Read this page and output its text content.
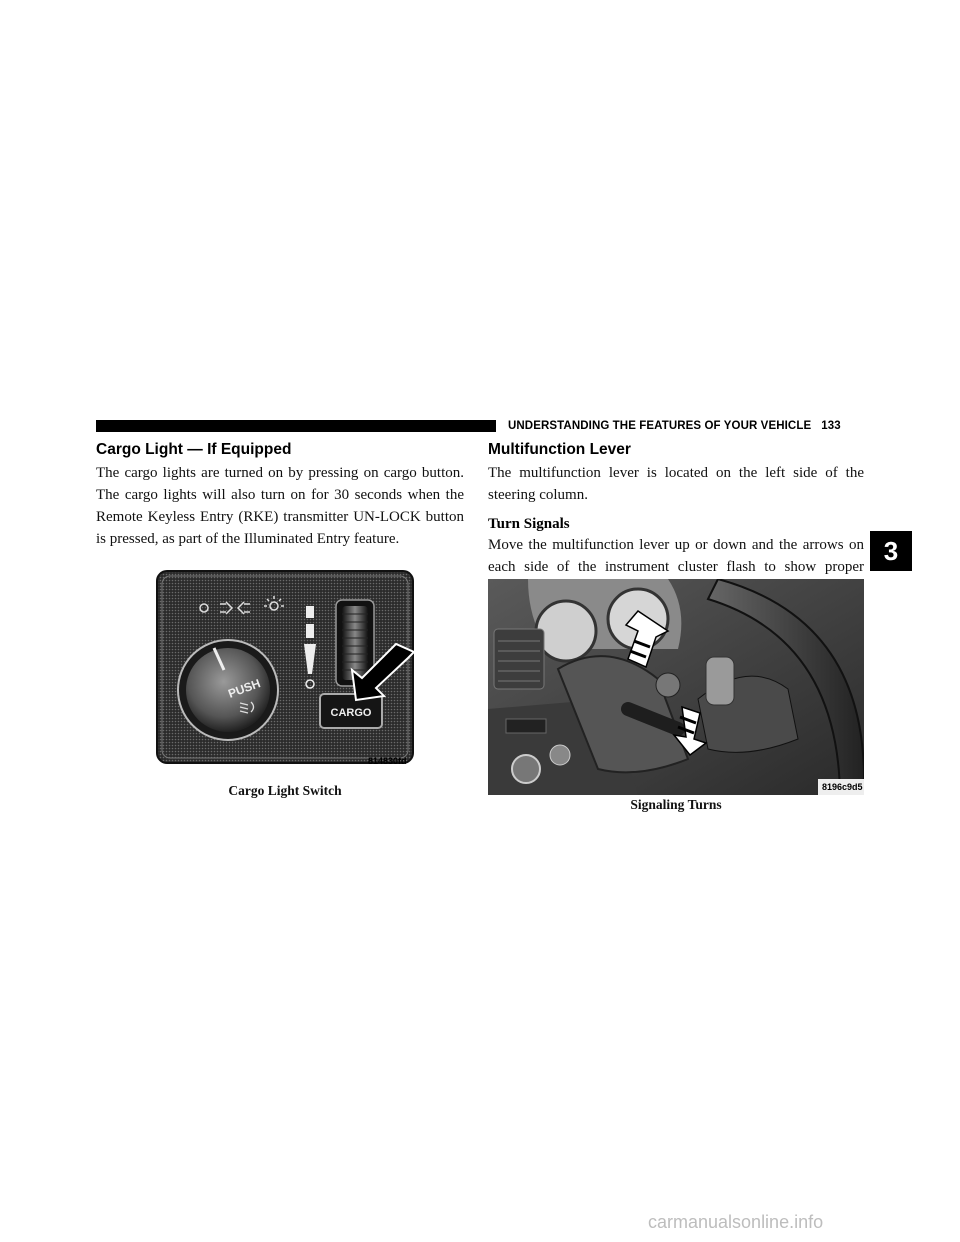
UNDERSTANDING THE FEATURES OF YOUR VEHICLE 133
3
Cargo Light — If Equipped

The cargo lights are turned on by pressing on cargo button. The cargo lights will also turn on for 30 seconds when the Remote Keyless Entry (RKE) transmitter UN-LOCK button is pressed, as part of the Illuminated Entry feature.

PUSH
CARGO
814830fd
Cargo Light Switch
Multifunction Lever

The multifunction lever is located on the left side of the steering column.

Turn Signals

Move the multifunction lever up or down and the arrows on each side of the instrument cluster flash to show proper

8196c9d5
Signaling Turns
carmanualsonline.info
